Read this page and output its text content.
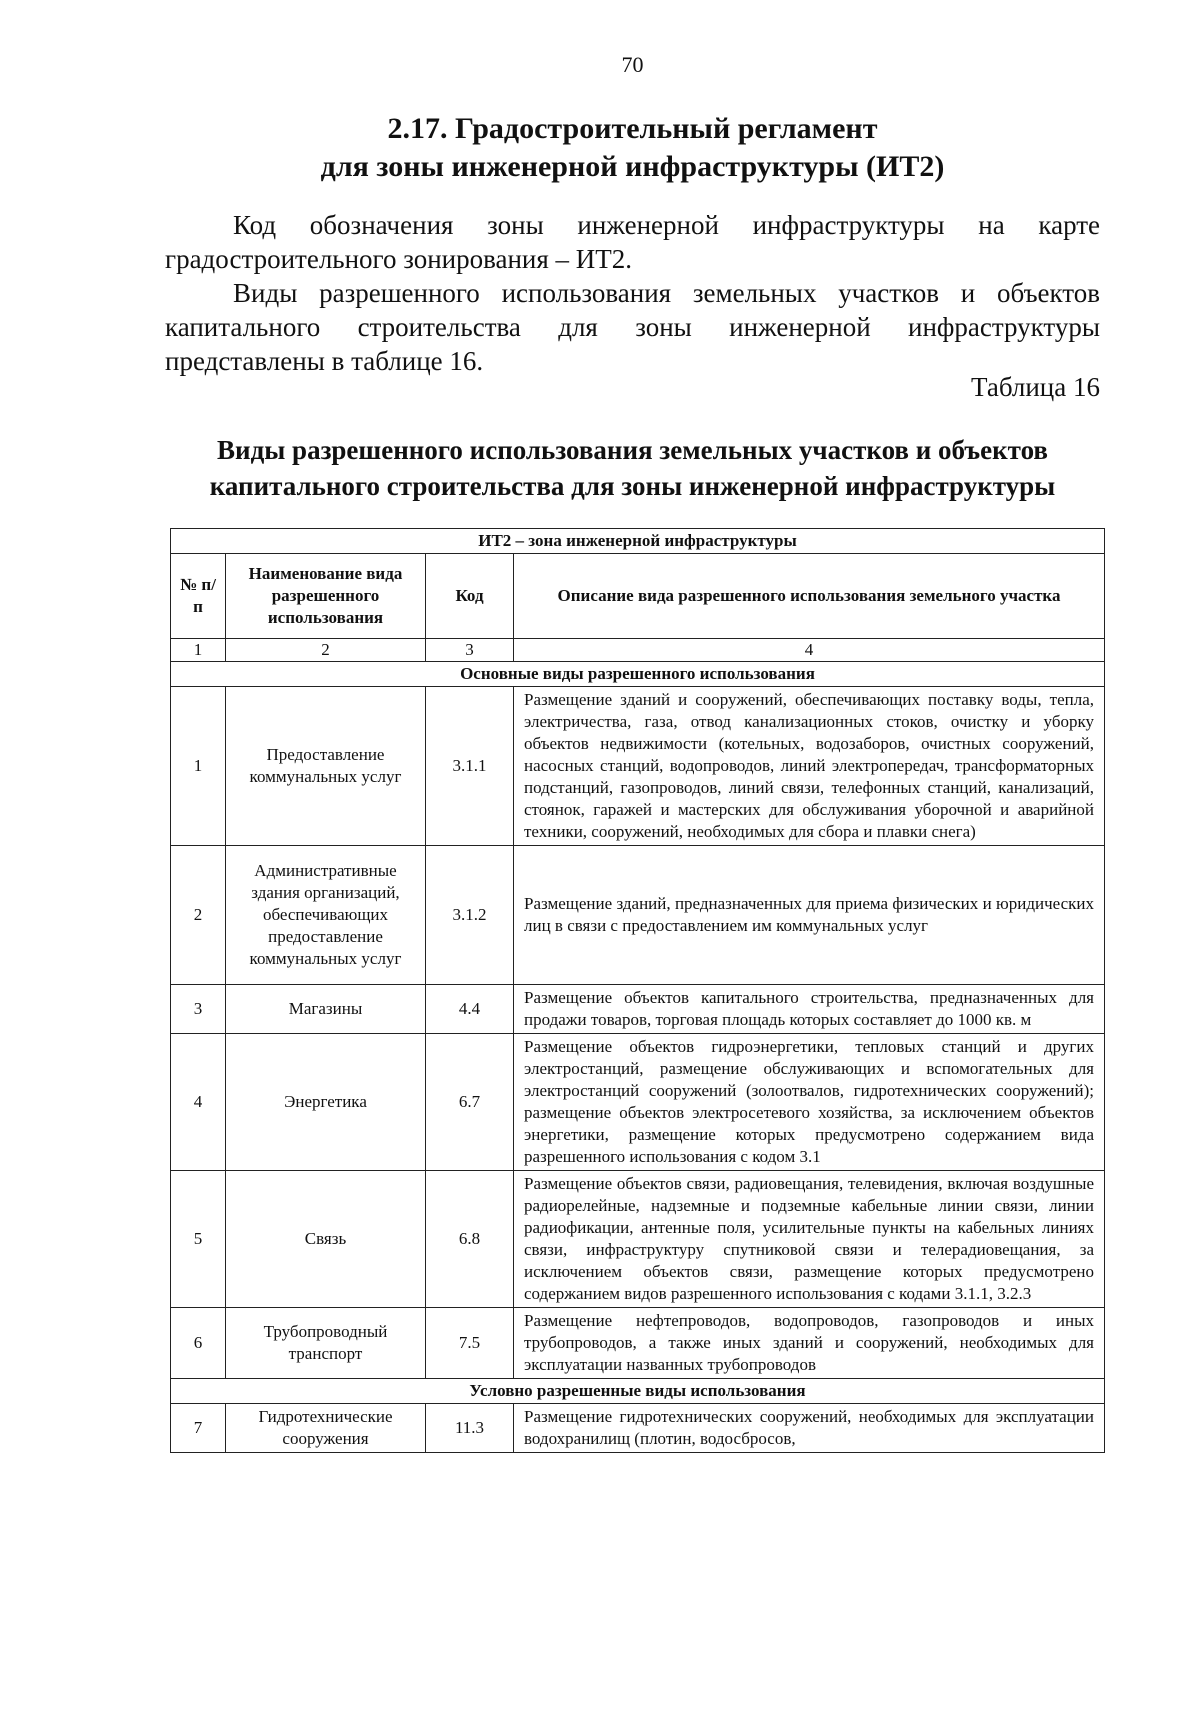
70
2.17. Градостроительный регламент
для зоны инженерной инфраструктуры (ИТ2)
Код обозначения зоны инженерной инфраструктуры на карте градостроительного зонирования – ИТ2.
Виды разрешенного использования земельных участков и объектов капитального строительства для зоны инженерной инфраструктуры представлены в таблице 16.
Таблица 16
Виды разрешенного использования земельных участков и объектов
капитального строительства для зоны инженерной инфраструктуры
ИТ2 – зона инженерной инфраструктуры			
№ п/п	Наименование вида разрешенного использования	Код	Описание вида разрешенного использования земельного участка
1	2	3	4
Основные виды разрешенного использования			
1	Предоставление коммунальных услуг	3.1.1	Размещение зданий и сооружений, обеспечивающих поставку воды, тепла, электричества, газа, отвод канализационных стоков, очистку и уборку объектов недвижимости (котельных, водозаборов, очистных сооружений, насосных станций, водопроводов, линий электропередач, трансформаторных подстанций, газопроводов, линий связи, телефонных станций, канализаций, стоянок, гаражей и мастерских для обслуживания уборочной и аварийной техники, сооружений, необходимых для сбора и плавки снега)
2	Административные здания организаций, обеспечивающих предоставление коммунальных услуг	3.1.2	Размещение зданий, предназначенных для приема физических и юридических лиц в связи с предоставлением им коммунальных услуг
3	Магазины	4.4	Размещение объектов капитального строительства, предназначенных для продажи товаров, торговая площадь которых составляет до 1000 кв. м
4	Энергетика	6.7	Размещение объектов гидроэнергетики, тепловых станций и других электростанций, размещение обслуживающих и вспомогательных для электростанций сооружений (золоотвалов, гидротехнических сооружений); размещение объектов электросетевого хозяйства, за исключением объектов энергетики, размещение которых предусмотрено содержанием вида разрешенного использования с кодом 3.1
5	Связь	6.8	Размещение объектов связи, радиовещания, телевидения, включая воздушные радиорелейные, надземные и подземные кабельные линии связи, линии радиофикации, антенные поля, усилительные пункты на кабельных линиях связи, инфраструктуру спутниковой связи и телерадиовещания, за исключением объектов связи, размещение которых предусмотрено содержанием видов разрешенного использования с кодами 3.1.1, 3.2.3
6	Трубопроводный транспорт	7.5	Размещение нефтепроводов, водопроводов, газопроводов и иных трубопроводов, а также иных зданий и сооружений, необходимых для эксплуатации названных трубопроводов
Условно разрешенные виды использования			
7	Гидротехнические сооружения	11.3	Размещение гидротехнических сооружений, необходимых для эксплуатации водохранилищ (плотин, водосбросов,
